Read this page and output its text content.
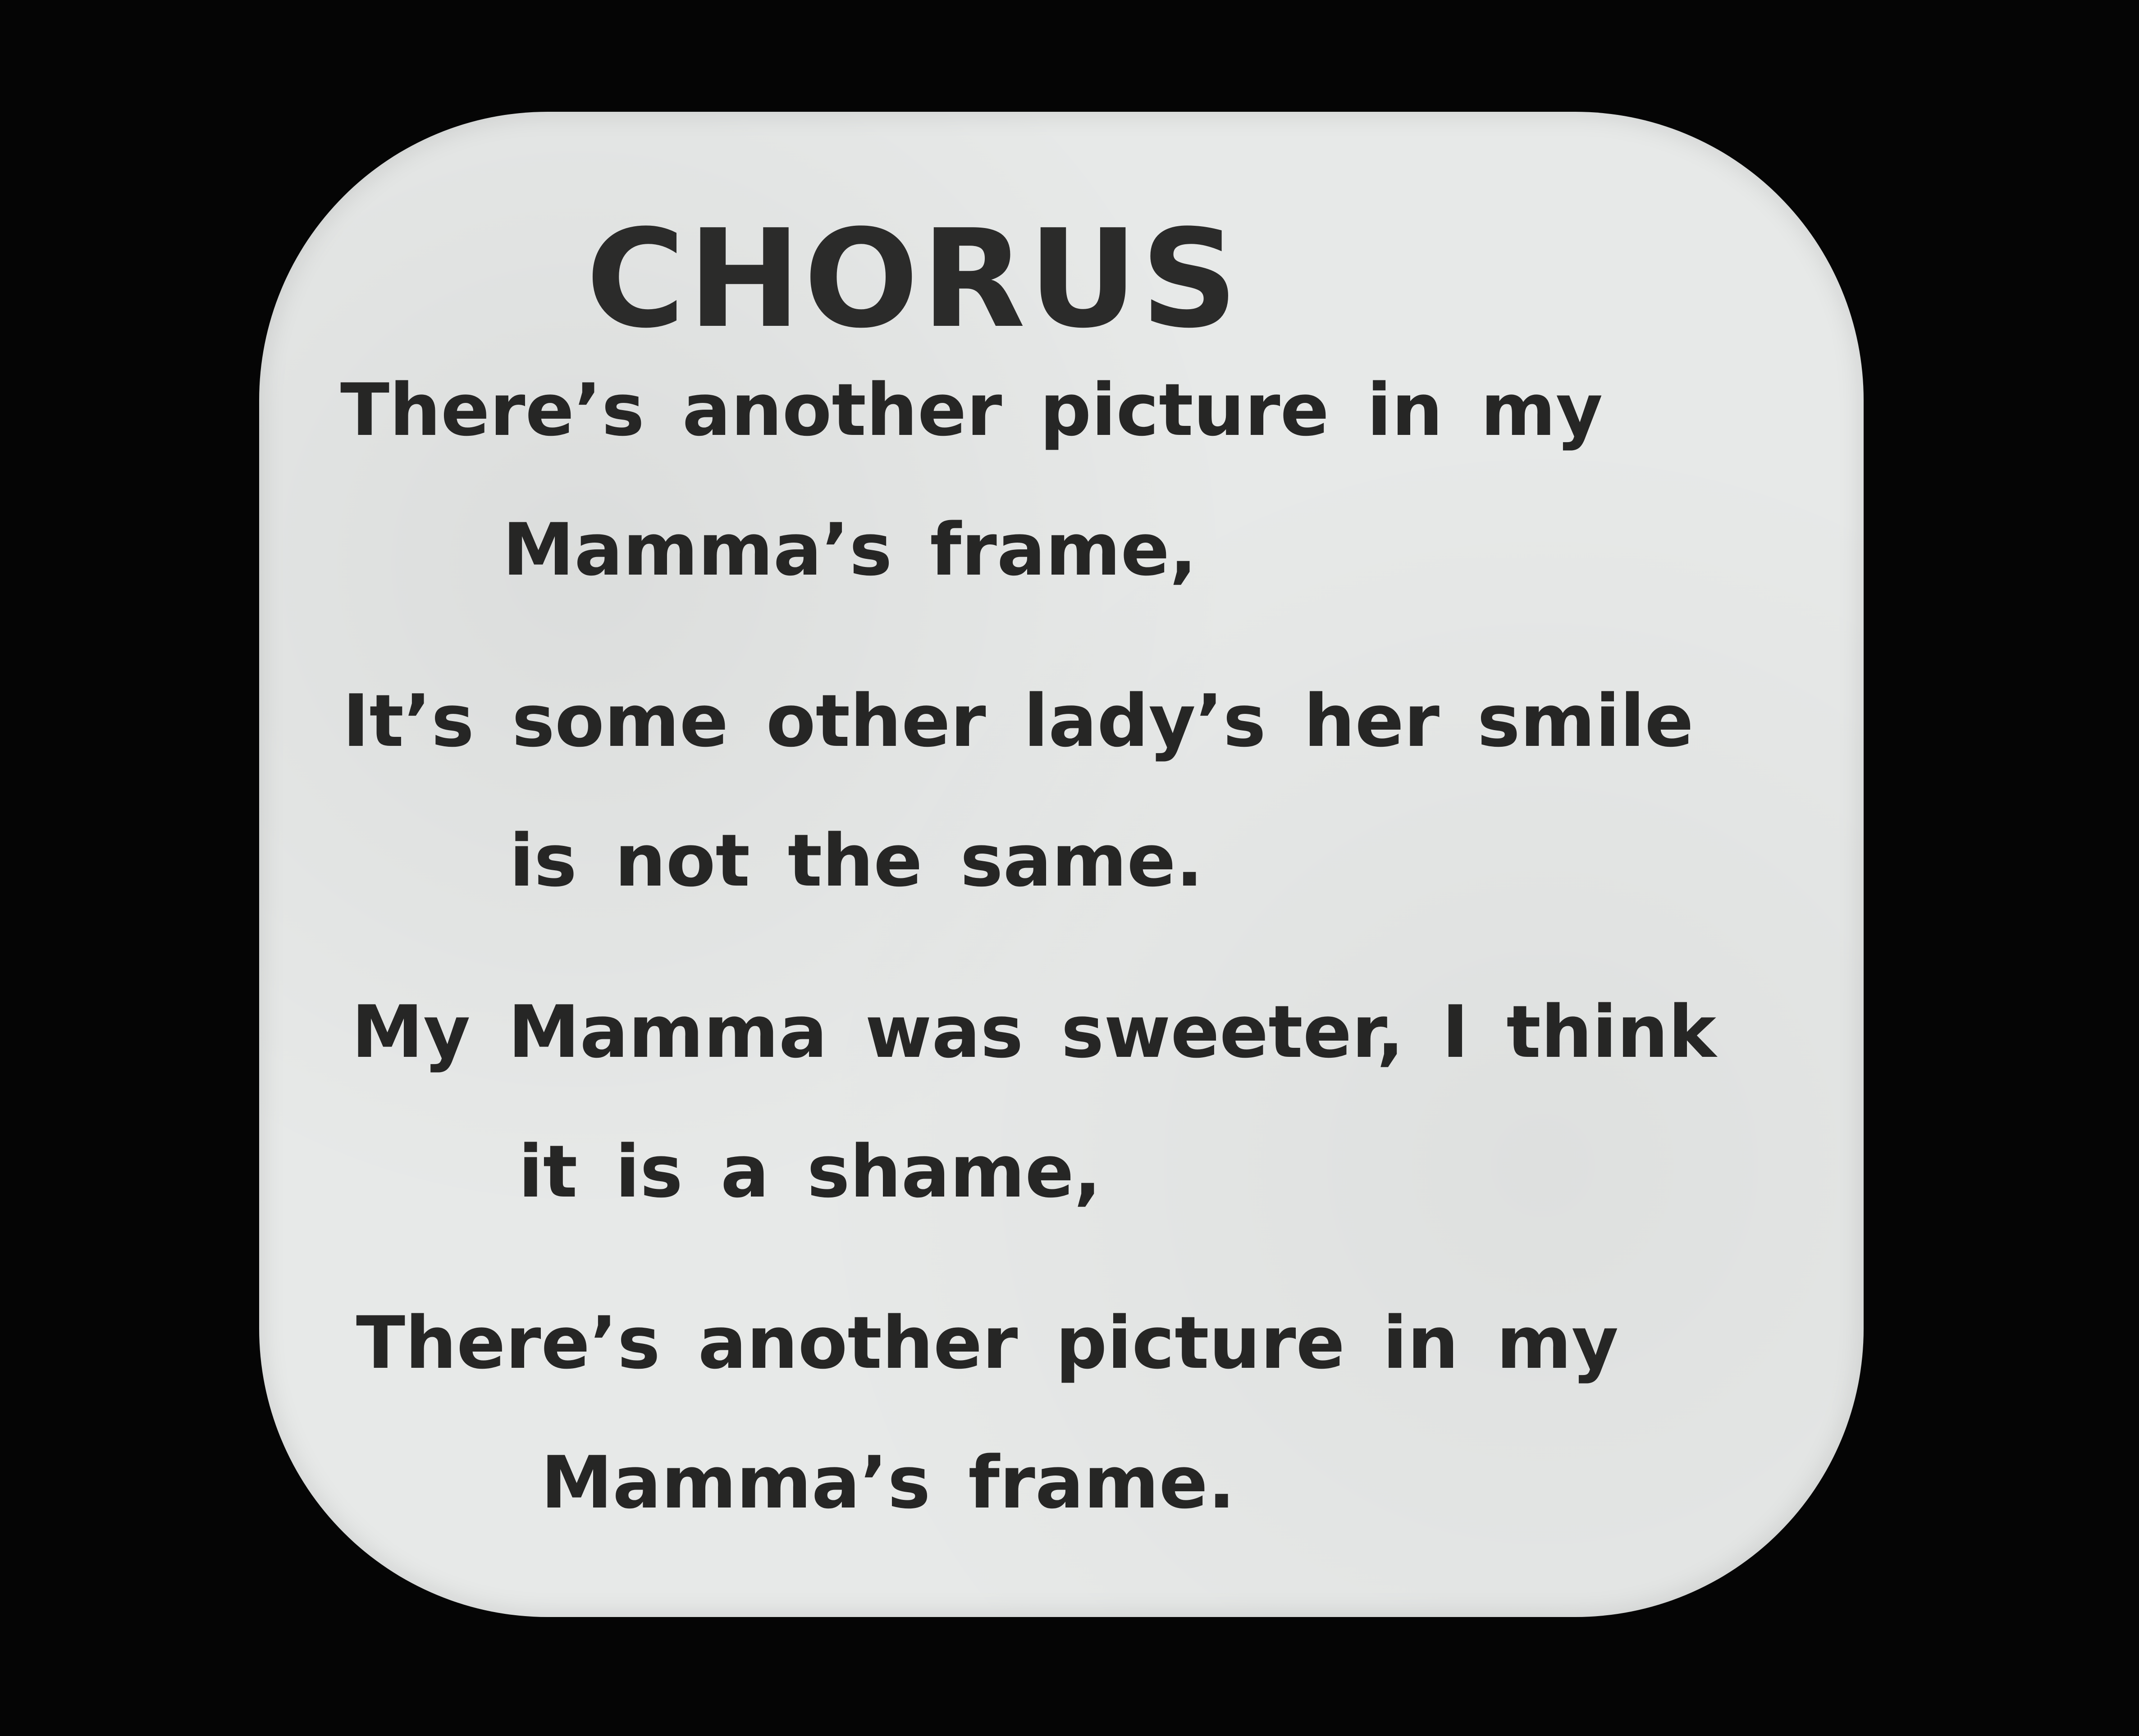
CHORUS

There’s another picture in my

Mamma’s frame,

It’s some other lady’s her smile

is not the same.

My Mamma was sweeter, I think

it is a shame,

There’s another picture in my

Mamma’s frame.
